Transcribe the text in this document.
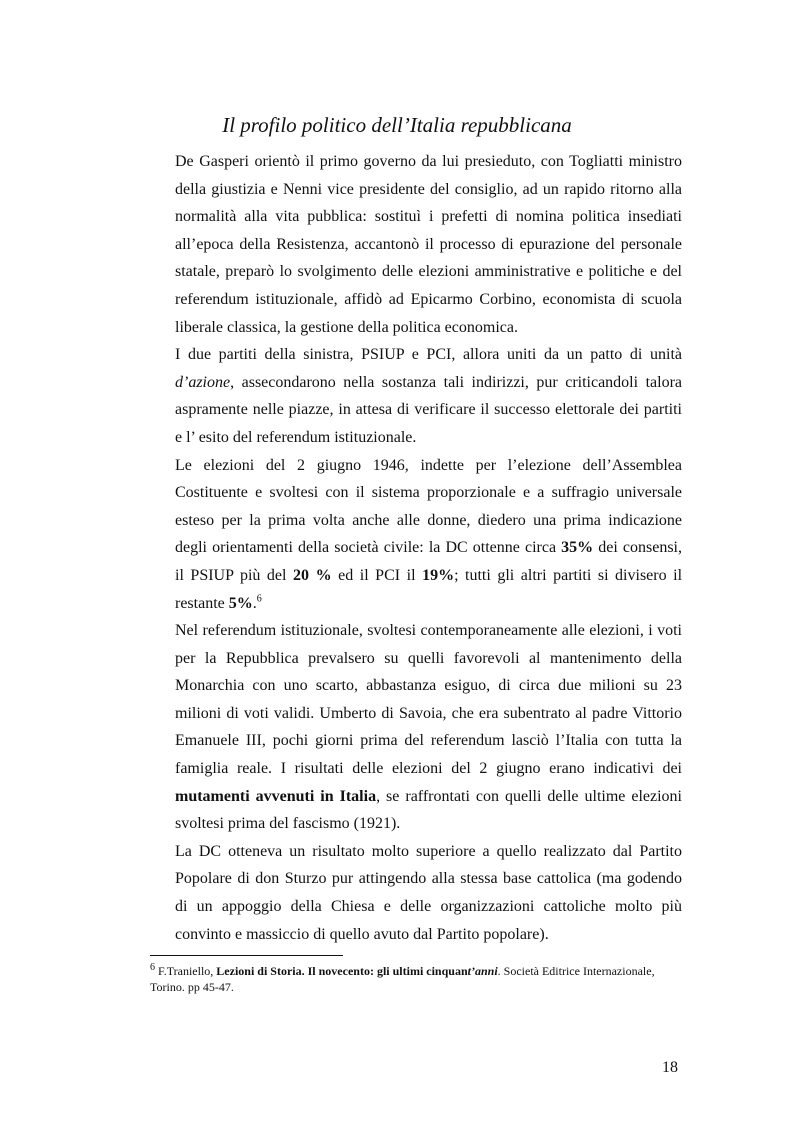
Il profilo politico dell’Italia repubblicana
De Gasperi orientò il primo governo da lui presieduto, con Togliatti ministro
della giustizia e Nenni vice presidente del consiglio, ad un rapido ritorno alla
normalità alla vita pubblica: sostituì i prefetti di nomina politica insediati
all’epoca della Resistenza, accantonò il processo di epurazione del personale
statale, preparò lo svolgimento delle elezioni amministrative e politiche e del
referendum istituzionale, affidò ad Epicarmo Corbino, economista di scuola
liberale classica, la gestione della politica economica.
I due partiti della sinistra, PSIUP e PCI, allora uniti da un patto di unità
d’azione, assecondarono nella sostanza tali indirizzi, pur criticandoli talora
aspramente nelle piazze, in attesa di verificare il successo elettorale dei partiti
e l’ esito del referendum istituzionale.
Le elezioni del 2 giugno 1946, indette per l’elezione dell’Assemblea
Costituente e svoltesi con il sistema proporzionale e a suffragio universale
esteso per la prima volta anche alle donne, diedero una prima indicazione
degli orientamenti della società civile: la DC ottenne circa 35% dei consensi,
il PSIUP più del 20 % ed il PCI il 19%; tutti gli altri partiti si divisero il
restante 5%.$^6$
Nel referendum istituzionale, svoltesi contemporaneamente alle elezioni, i voti
per la Repubblica prevalsero su quelli favorevoli al mantenimento della
Monarchia con uno scarto, abbastanza esiguo, di circa due milioni su 23
milioni di voti validi. Umberto di Savoia, che era subentrato al padre Vittorio
Emanuele III, pochi giorni prima del referendum lasciò l’Italia con tutta la
famiglia reale. I risultati delle elezioni del 2 giugno erano indicativi dei
mutamenti avvenuti in Italia, se raffrontati con quelli delle ultime elezioni
svoltesi prima del fascismo (1921).
La DC otteneva un risultato molto superiore a quello realizzato dal Partito
Popolare di don Sturzo pur attingendo alla stessa base cattolica (ma godendo
di un appoggio della Chiesa e delle organizzazioni cattoliche molto più
convinto e massiccio di quello avuto dal Partito popolare).
$^6$ F.Traniello, Lezioni di Storia. Il novecento: gli ultimi cinquant’anni. Società Editrice Internazionale, Torino. pp 45-47.
18
